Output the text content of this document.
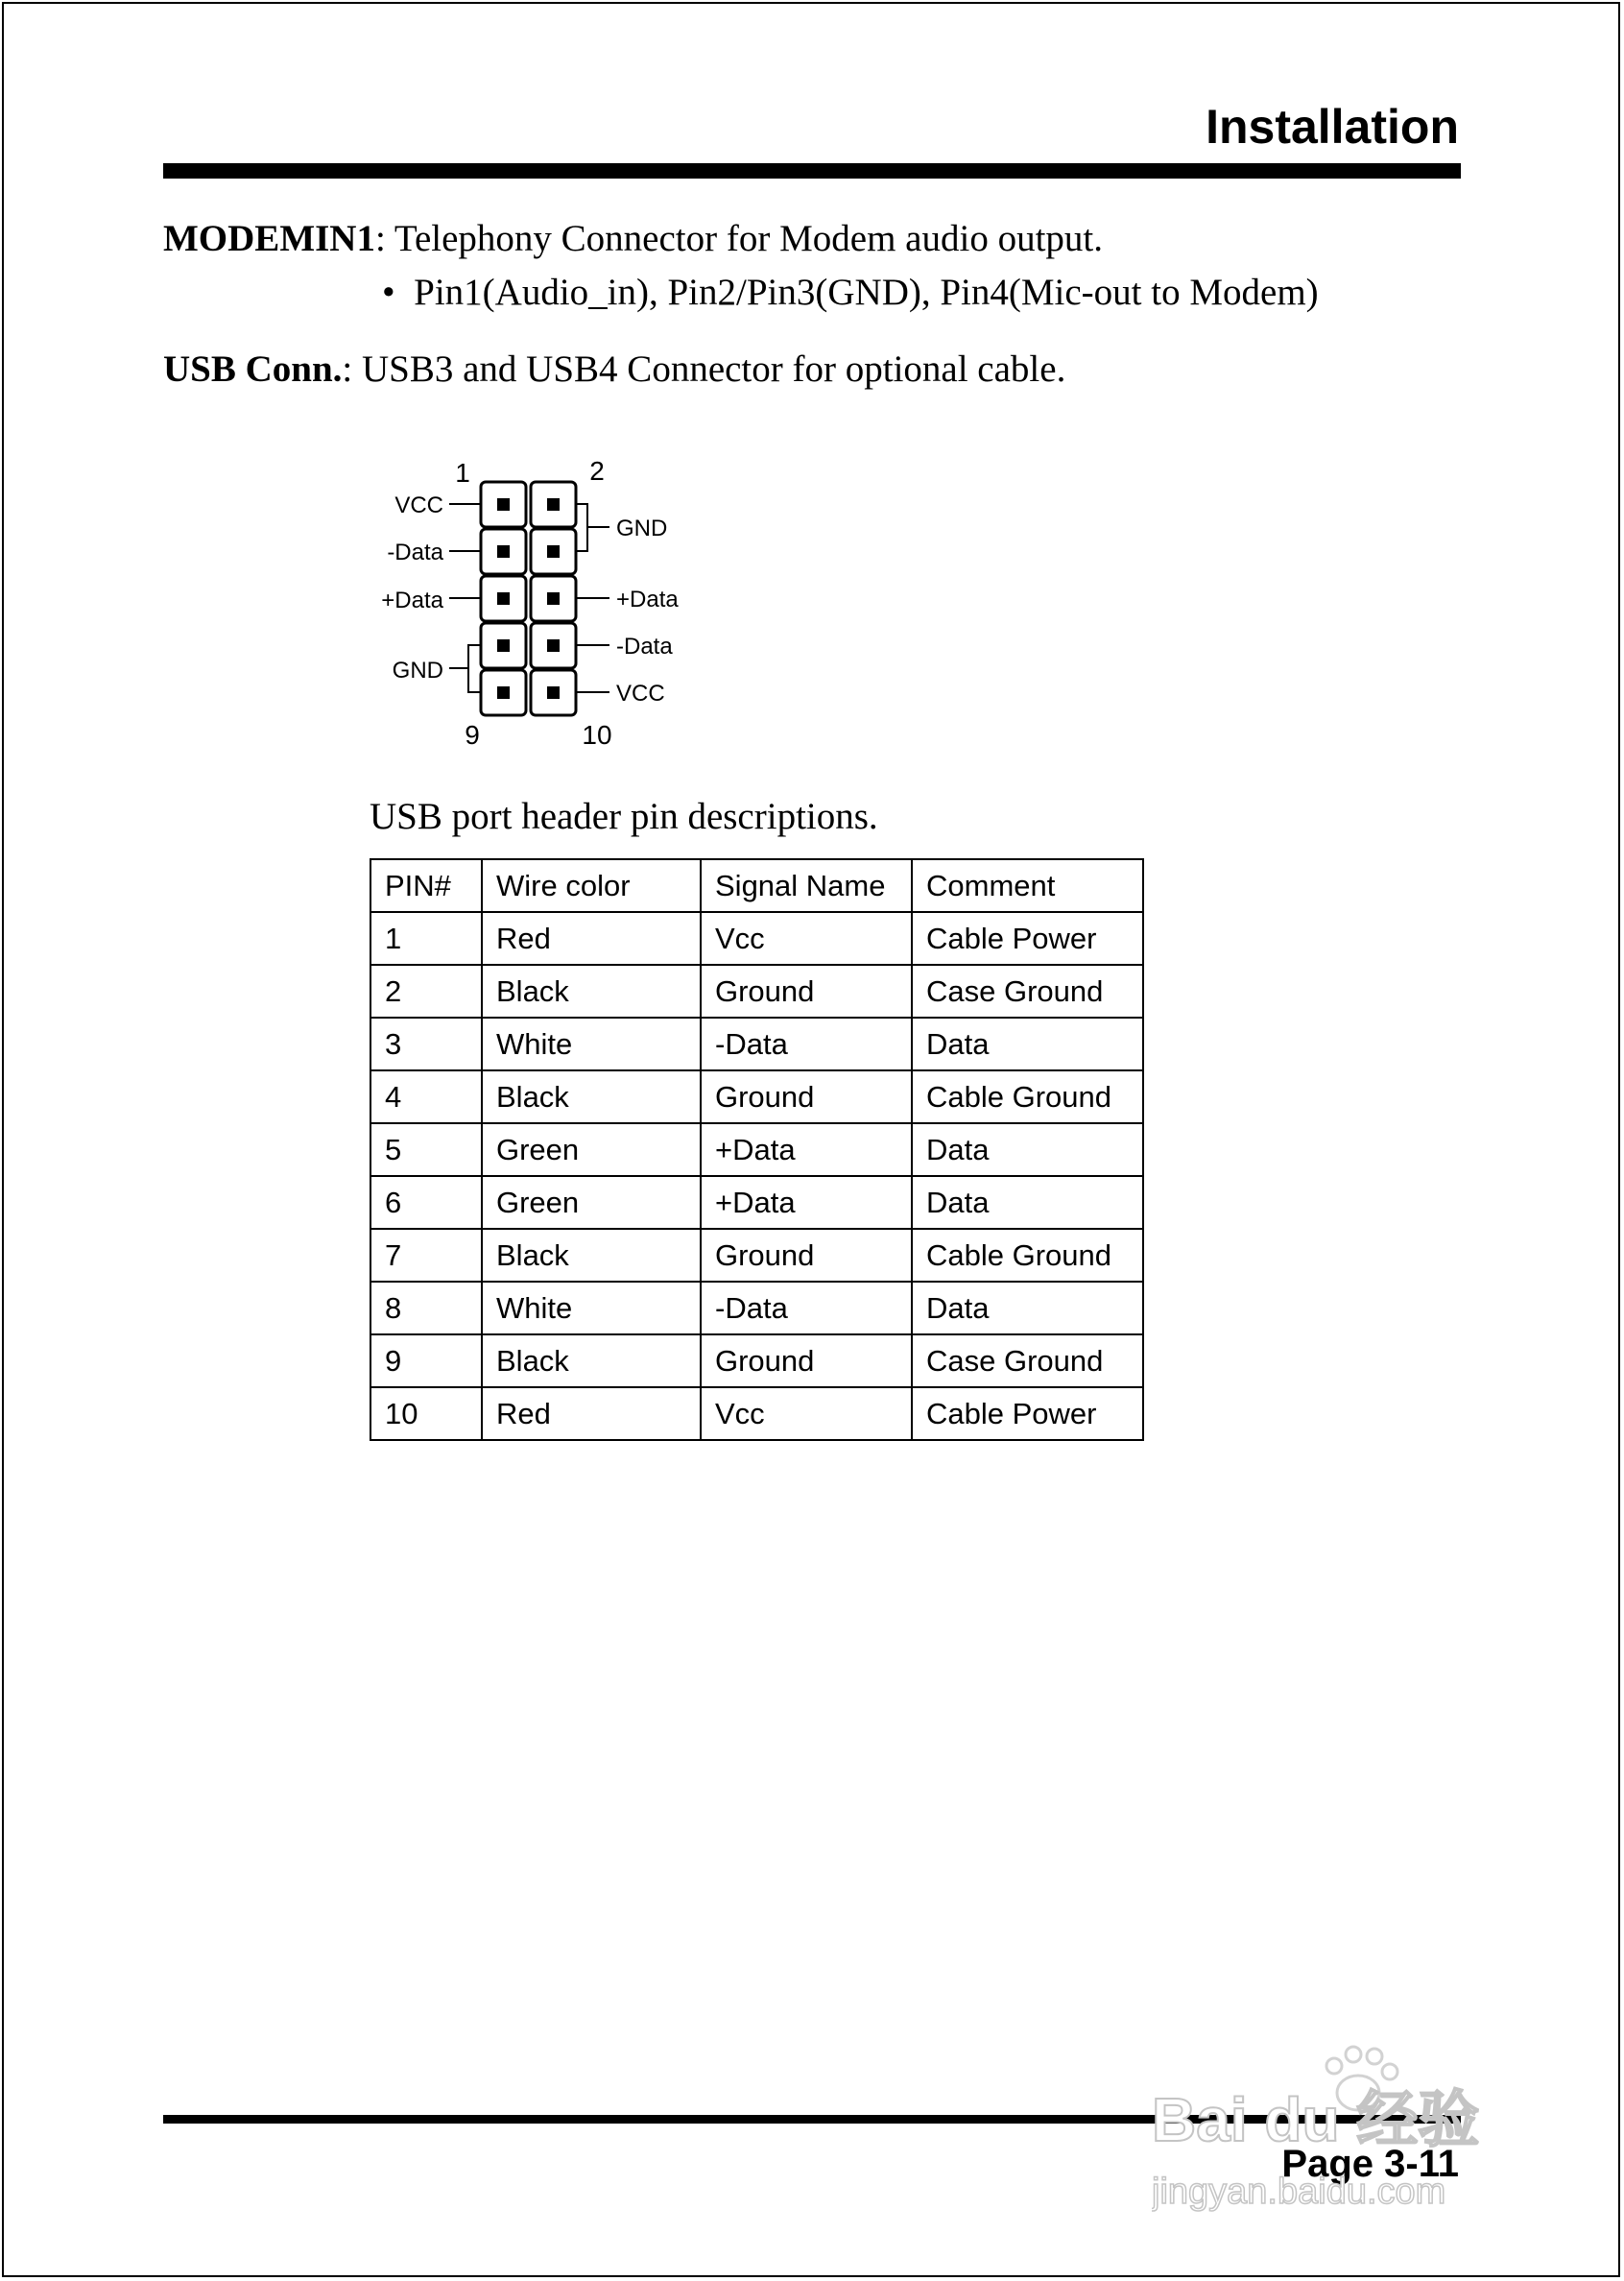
Installation
MODEMIN1: Telephony Connector for Modem audio output.
• Pin1(Audio_in), Pin2/Pin3(GND), Pin4(Mic-out to Modem)
USB Conn.: USB3 and USB4 Connector for optional cable.
1	2
9	10
VCC
-Data
+Data
GND
GND
+Data
-Data
VCC
USB port header pin descriptions.
PIN#	Wire color	Signal Name	Comment
1	Red	Vcc	Cable Power
2	Black	Ground	Case Ground
3	White	-Data	Data
4	Black	Ground	Cable Ground
5	Green	+Data	Data
6	Green	+Data	Data
7	Black	Ground	Cable Ground
8	White	-Data	Data
9	Black	Ground	Case Ground
10	Red	Vcc	Cable Power
Page 3-11
Bai du 经验
jingyan.baidu.com
